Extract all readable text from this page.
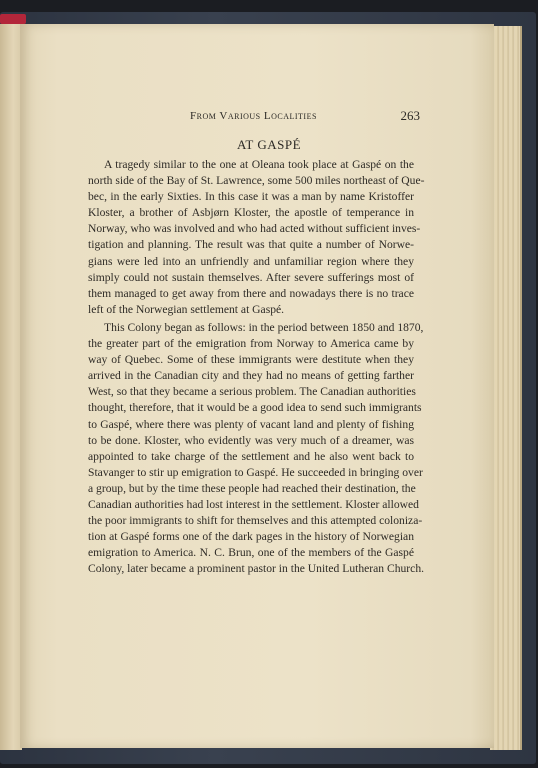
From Various Localities	263
AT GASPÉ
A tragedy similar to the one at Oleana took place at Gaspé on the
north side of the Bay of St. Lawrence, some 500 miles northeast of Que-
bec, in the early Sixties. In this case it was a man by name Kristoffer
Kloster, a brother of Asbjørn Kloster, the apostle of temperance in
Norway, who was involved and who had acted without sufficient inves-
tigation and planning. The result was that quite a number of Norwe-
gians were led into an unfriendly and unfamiliar region where they
simply could not sustain themselves. After severe sufferings most of
them managed to get away from there and nowadays there is no trace
left of the Norwegian settlement at Gaspé.
This Colony began as follows: in the period between 1850 and 1870,
the greater part of the emigration from Norway to America came by
way of Quebec. Some of these immigrants were destitute when they
arrived in the Canadian city and they had no means of getting farther
West, so that they became a serious problem. The Canadian authorities
thought, therefore, that it would be a good idea to send such immigrants
to Gaspé, where there was plenty of vacant land and plenty of fishing
to be done. Kloster, who evidently was very much of a dreamer, was
appointed to take charge of the settlement and he also went back to
Stavanger to stir up emigration to Gaspé. He succeeded in bringing over
a group, but by the time these people had reached their destination, the
Canadian authorities had lost interest in the settlement. Kloster allowed
the poor immigrants to shift for themselves and this attempted coloniza-
tion at Gaspé forms one of the dark pages in the history of Norwegian
emigration to America. N. C. Brun, one of the members of the Gaspé
Colony, later became a prominent pastor in the United Lutheran Church.
